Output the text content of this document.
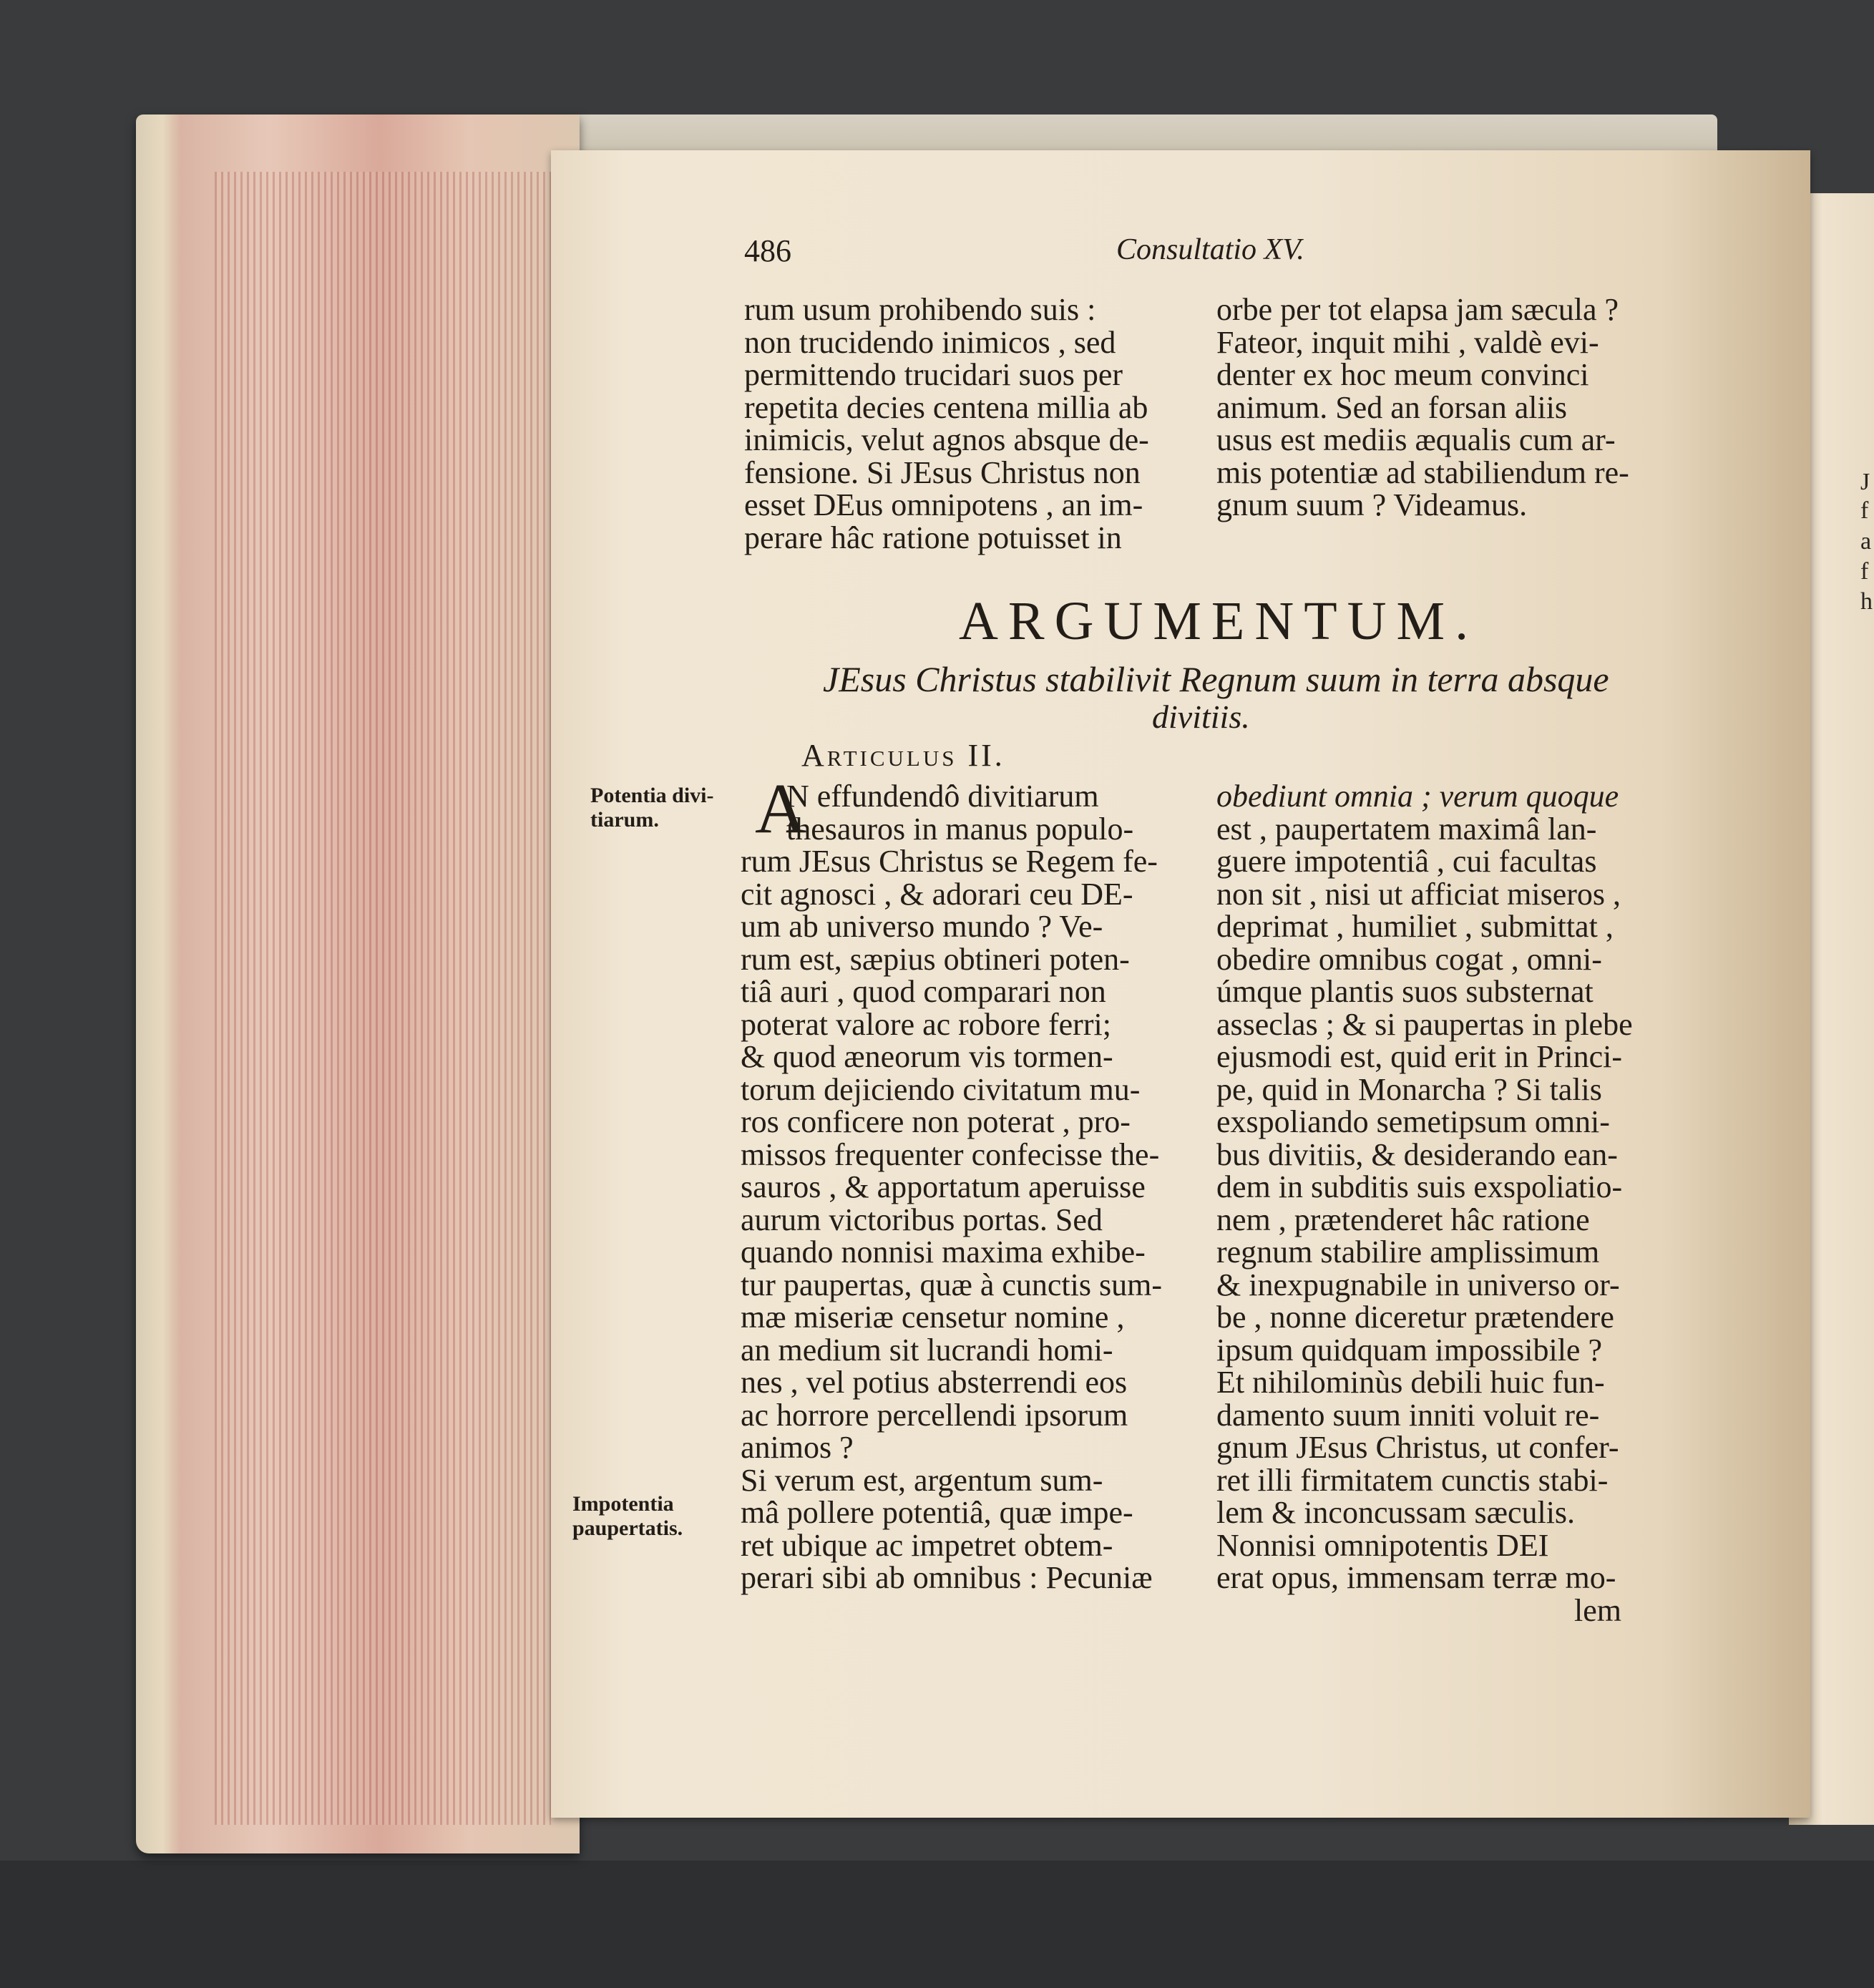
J
f
a
f
h
486	Consultatio XV.
rum usum prohibendo suis :
non trucidendo inimicos , sed
permittendo trucidari suos per
repetita decies centena millia ab
inimicis, velut agnos absque de-
fensione. Si JEsus Christus non
esset DEus omnipotens , an im-
perare hâc ratione potuisset in
orbe per tot elapsa jam sæcula ?
Fateor, inquit mihi , valdè evi-
denter ex hoc meum convinci
animum. Sed an forsan aliis
usus est mediis æqualis cum ar-
mis potentiæ ad stabiliendum re-
gnum suum ? Videamus.
ARGUMENTUM.
JEsus Christus stabilivit Regnum suum in terra absque
divitiis.
Articulus II.
Potentia divi-
tiarum.
Impotentia
paupertatis.
A
N effundendô divitiarum
thesauros in manus populo-
rum JEsus Christus se Regem fe-
cit agnosci , & adorari ceu DE-
um ab universo mundo ? Ve-
rum est, sæpius obtineri poten-
tiâ auri , quod comparari non
poterat valore ac robore ferri;
& quod æneorum vis tormen-
torum dejiciendo civitatum mu-
ros conficere non poterat , pro-
missos frequenter confecisse the-
sauros , & apportatum aperuisse
aurum victoribus portas. Sed
quando nonnisi maxima exhibe-
tur paupertas, quæ à cunctis sum-
mæ miseriæ censetur nomine ,
an medium sit lucrandi homi-
nes , vel potius absterrendi eos
ac horrore percellendi ipsorum
animos ?
Si verum est, argentum sum-
mâ pollere potentiâ, quæ impe-
ret ubique ac impetret obtem-
perari sibi ab omnibus : Pecuniæ
obediunt omnia ; verum quoque
est , paupertatem maximâ lan-
guere impotentiâ , cui facultas
non sit , nisi ut afficiat miseros ,
deprimat , humiliet , submittat ,
obedire omnibus cogat , omni-
úmque plantis suos substernat
asseclas ; & si paupertas in plebe
ejusmodi est, quid erit in Princi-
pe, quid in Monarcha ? Si talis
exspoliando semetipsum omni-
bus divitiis, & desiderando ean-
dem in subditis suis exspoliatio-
nem , prætenderet hâc ratione
regnum stabilire amplissimum
& inexpugnabile in universo or-
be , nonne diceretur prætendere
ipsum quidquam impossibile ?
Et nihilominùs debili huic fun-
damento suum inniti voluit re-
gnum JEsus Christus, ut confer-
ret illi firmitatem cunctis stabi-
lem & inconcussam sæculis.
Nonnisi omnipotentis DEI
erat opus, immensam terræ mo-
lem
